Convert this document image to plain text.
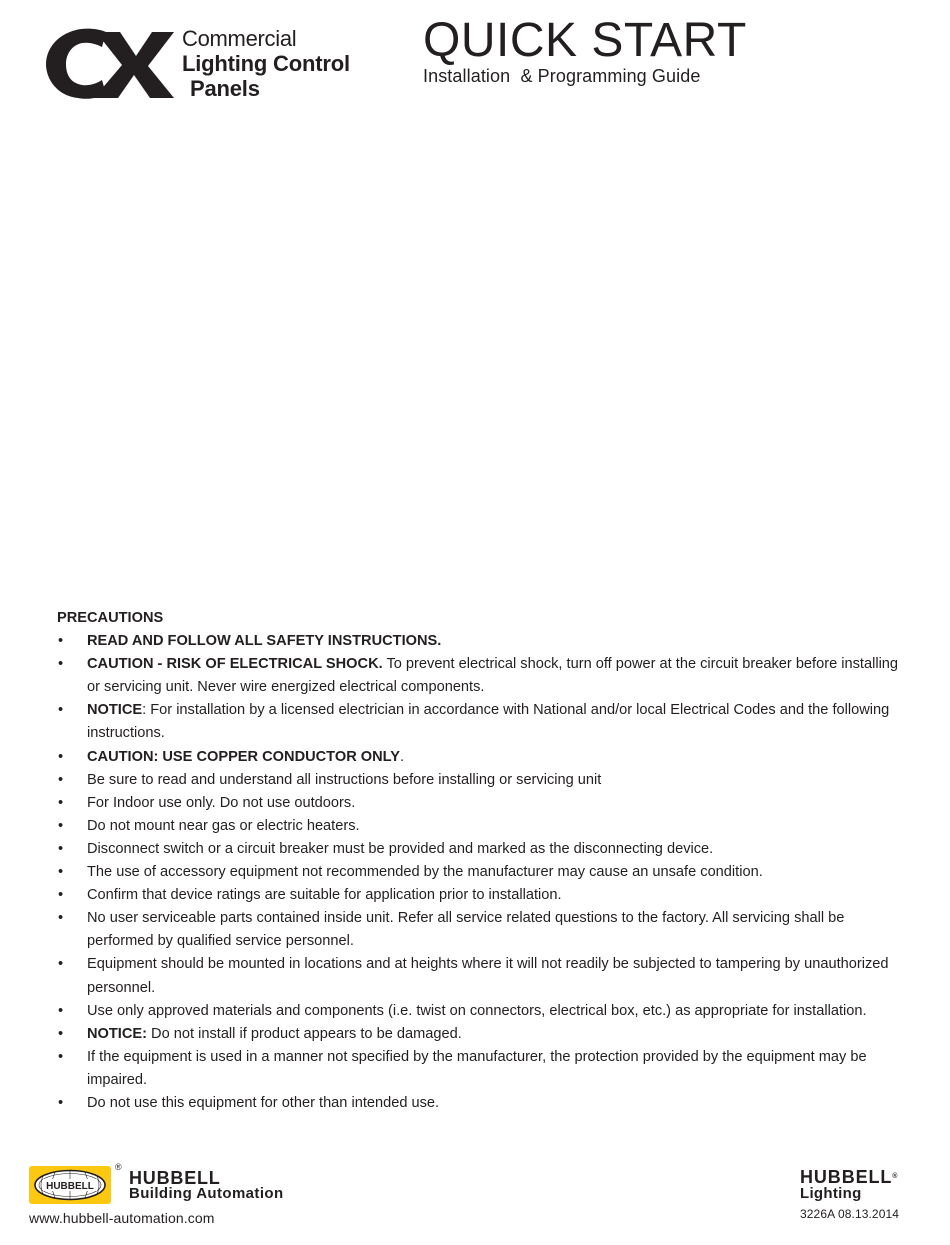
Commercial
Lighting Control
Panels
QUICK START
Installation  & Programming Guide
PRECAUTIONS
• READ AND FOLLOW ALL SAFETY INSTRUCTIONS.
• CAUTION - RISK OF ELECTRICAL SHOCK. To prevent electrical shock, turn off power at the circuit breaker before installing or servicing unit. Never wire energized electrical components.
• NOTICE: For installation by a licensed electrician in accordance with National and/or local Electrical Codes and the following instructions.
• CAUTION: USE COPPER CONDUCTOR ONLY.
• Be sure to read and understand all instructions before installing or servicing unit
• For Indoor use only. Do not use outdoors.
• Do not mount near gas or electric heaters.
• Disconnect switch or a circuit breaker must be provided and marked as the disconnecting device.
• The use of accessory equipment not recommended by the manufacturer may cause an unsafe condition.
• Confirm that device ratings are suitable for application prior to installation.
• No user serviceable parts contained inside unit. Refer all service related questions to the factory. All servicing shall be performed by qualified service personnel.
• Equipment should be mounted in locations and at heights where it will not readily be subjected to tampering by unauthorized personnel.
• Use only approved materials and components (i.e. twist on connectors, electrical box, etc.) as appropriate for installation.
• NOTICE: Do not install if product appears to be damaged.
• If the equipment is used in a manner not specified by the manufacturer, the protection provided by the equipment may be impaired.
• Do not use this equipment for other than intended use.
HUBBELL
®
HUBBELL
Building Automation
www.hubbell-automation.com
HUBBELL®
Lighting
3226A 08.13.2014
